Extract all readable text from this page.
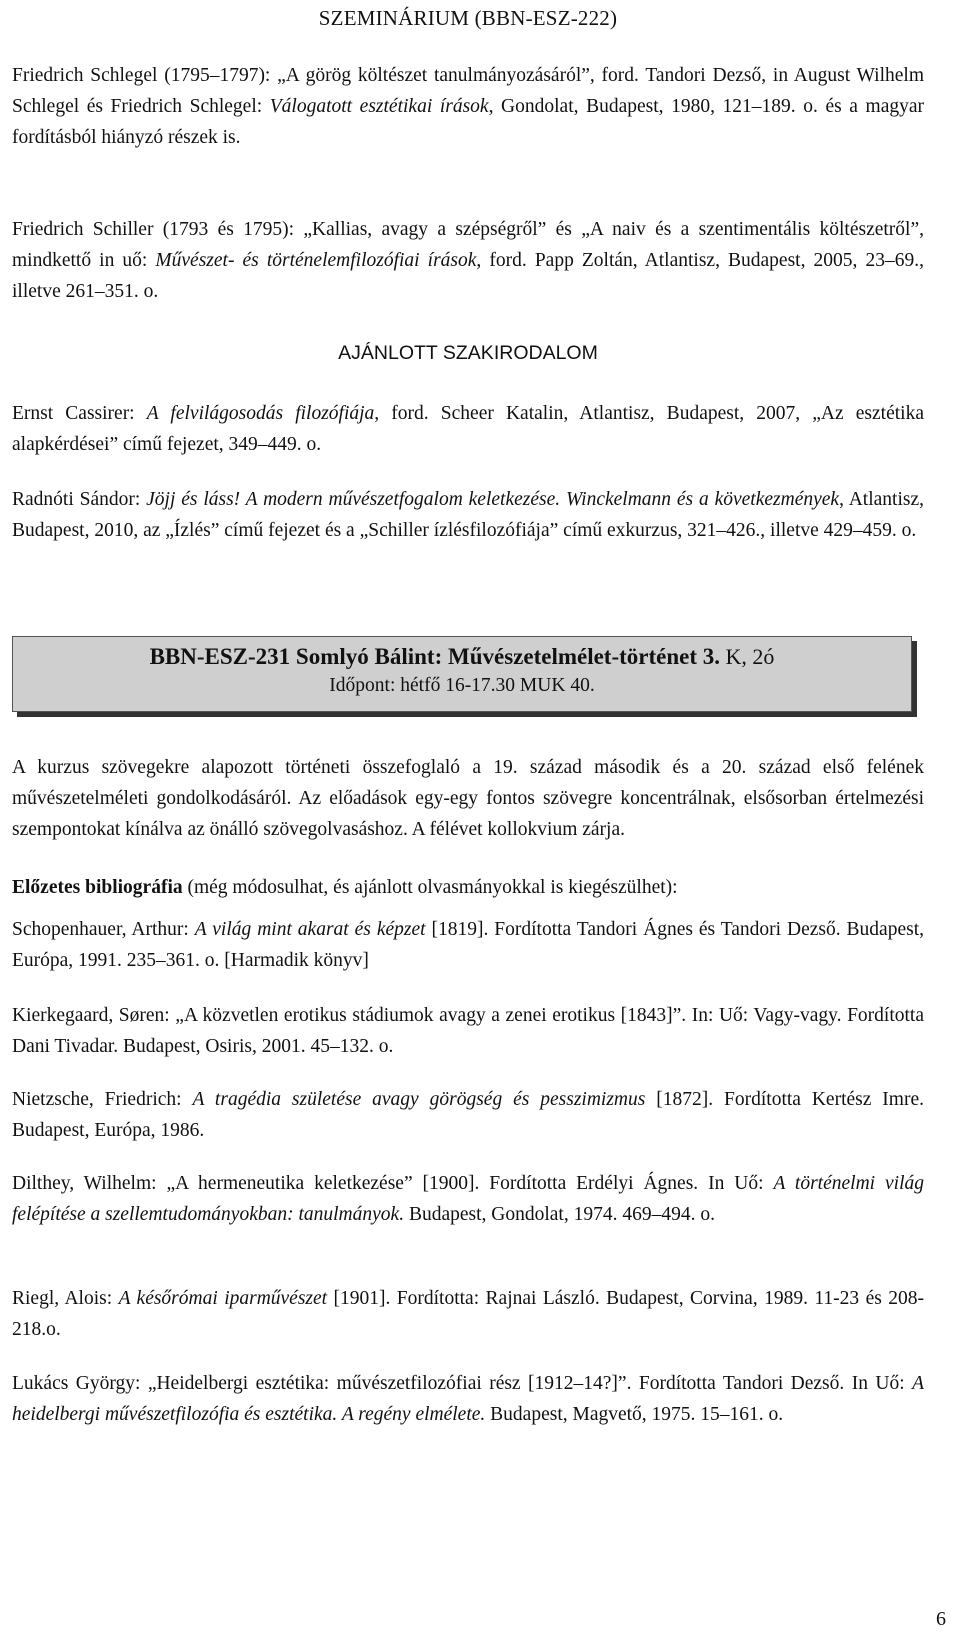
SZEMINÁRIUM (BBN-ESZ-222)
Friedrich Schlegel (1795–1797): „A görög költészet tanulmányozásáról”, ford. Tandori Dezső, in August Wilhelm Schlegel és Friedrich Schlegel: Válogatott esztétikai írások, Gondolat, Budapest, 1980, 121–189. o. és a magyar fordításból hiányzó részek is.
Friedrich Schiller (1793 és 1795): „Kallias, avagy a szépségről” és „A naiv és a szentimentális költészetről”, mindkettő in uő: Művészet- és történelemfilozófiai írások, ford. Papp Zoltán, Atlantisz, Budapest, 2005, 23–69., illetve 261–351. o.
AJÁNLOTT SZAKIRODALOM
Ernst Cassirer: A felvilágosodás filozófiája, ford. Scheer Katalin, Atlantisz, Budapest, 2007, „Az esztétika alapkérdései” című fejezet, 349–449. o.
Radnóti Sándor: Jöjj és láss! A modern művészetfogalom keletkezése. Winckelmann és a következmények, Atlantisz, Budapest, 2010, az „Ízlés” című fejezet és a „Schiller ízlésfilozófiája” című exkurzus, 321–426., illetve 429–459. o.
BBN-ESZ-231 Somlyó Bálint: Művészetelmélet-történet 3. K, 2ó
Időpont: hétfő 16-17.30 MUK 40.
A kurzus szövegekre alapozott történeti összefoglaló a 19. század második és a 20. század első felének művészetelméleti gondolkodásáról. Az előadások egy-egy fontos szövegre koncentrálnak, elsősorban értelmezési szempontokat kínálva az önálló szövegolvasáshoz. A félévet kollokvium zárja.
Előzetes bibliográfia (még módosulhat, és ajánlott olvasmányokkal is kiegészülhet):
Schopenhauer, Arthur: A világ mint akarat és képzet [1819]. Fordította Tandori Ágnes és Tandori Dezső. Budapest, Európa, 1991. 235–361. o. [Harmadik könyv]
Kierkegaard, Søren: „A közvetlen erotikus stádiumok avagy a zenei erotikus [1843]”. In: Uő: Vagy-vagy. Fordította Dani Tivadar. Budapest, Osiris, 2001. 45–132. o.
Nietzsche, Friedrich: A tragédia születése avagy görögség és pesszimizmus [1872]. Fordította Kertész Imre. Budapest, Európa, 1986.
Dilthey, Wilhelm: „A hermeneutika keletkezése” [1900]. Fordította Erdélyi Ágnes. In Uő: A történelmi világ felépítése a szellemtudományokban: tanulmányok. Budapest, Gondolat, 1974. 469–494. o.
Riegl, Alois: A későrómai iparművészet [1901]. Fordította: Rajnai László. Budapest, Corvina, 1989. 11-23 és 208-218.o.
Lukács György: „Heidelbergi esztétika: művészetfilozófiai rész [1912–14?]”. Fordította Tandori Dezső. In Uő: A heidelbergi művészetfilozófia és esztétika. A regény elmélete. Budapest, Magvető, 1975. 15–161. o.
6
